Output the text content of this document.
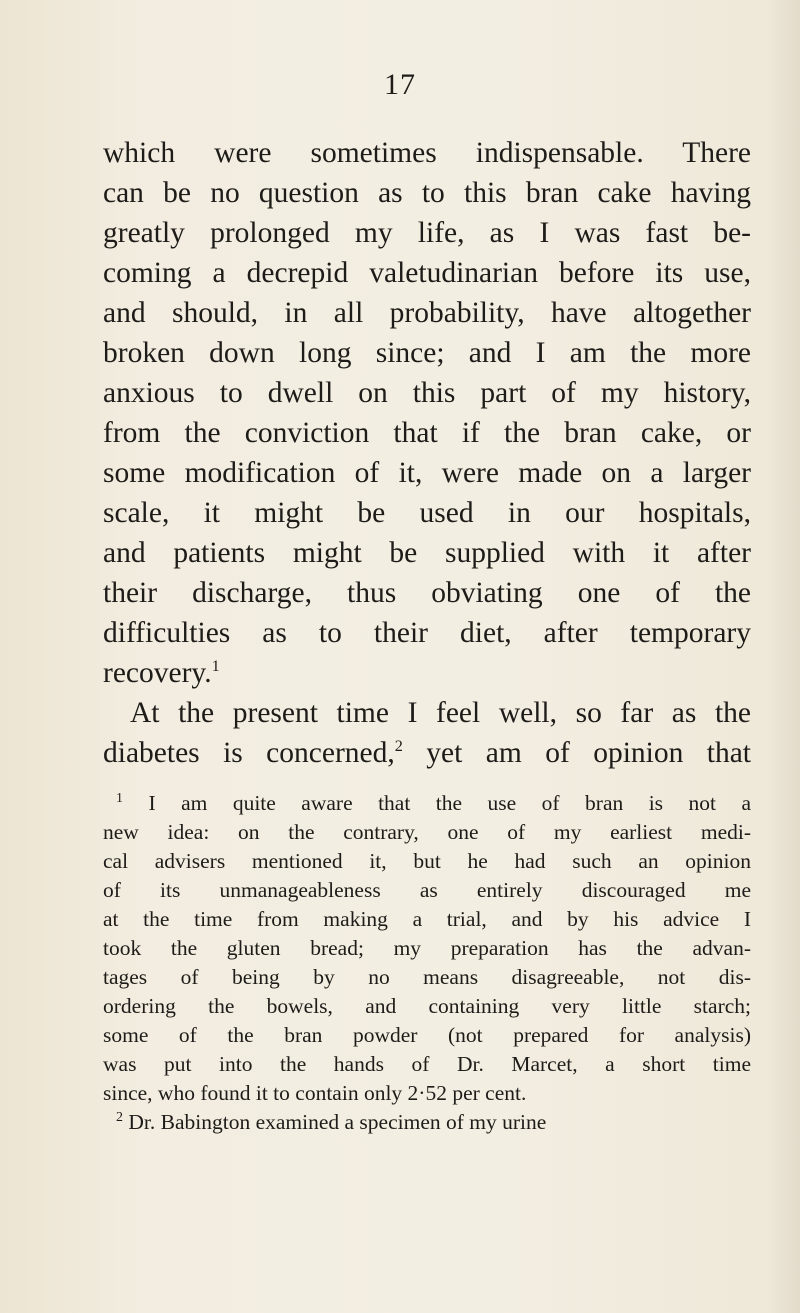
17

which were sometimes indispensable. There

can be no question as to this bran cake having

greatly prolonged my life, as I was fast be-

coming a decrepid valetudinarian before its use,

and should, in all probability, have altogether

broken down long since; and I am the more

anxious to dwell on this part of my history,

from the conviction that if the bran cake, or

some modification of it, were made on a larger

scale, it might be used in our hospitals,

and patients might be supplied with it after

their discharge, thus obviating one of the

difficulties as to their diet, after temporary

recovery.$^1$

At the present time I feel well, so far as the

diabetes is concerned,$^2$ yet am of opinion that

$^1$ I am quite aware that the use of bran is not a

new idea: on the contrary, one of my earliest medi-

cal advisers mentioned it, but he had such an opinion

of its unmanageableness as entirely discouraged me

at the time from making a trial, and by his advice I

took the gluten bread; my preparation has the advan-

tages of being by no means disagreeable, not dis-

ordering the bowels, and containing very little starch;

some of the bran powder (not prepared for analysis)

was put into the hands of Dr. Marcet, a short time

since, who found it to contain only 2·52 per cent.

$^2$ Dr. Babington examined a specimen of my urine
